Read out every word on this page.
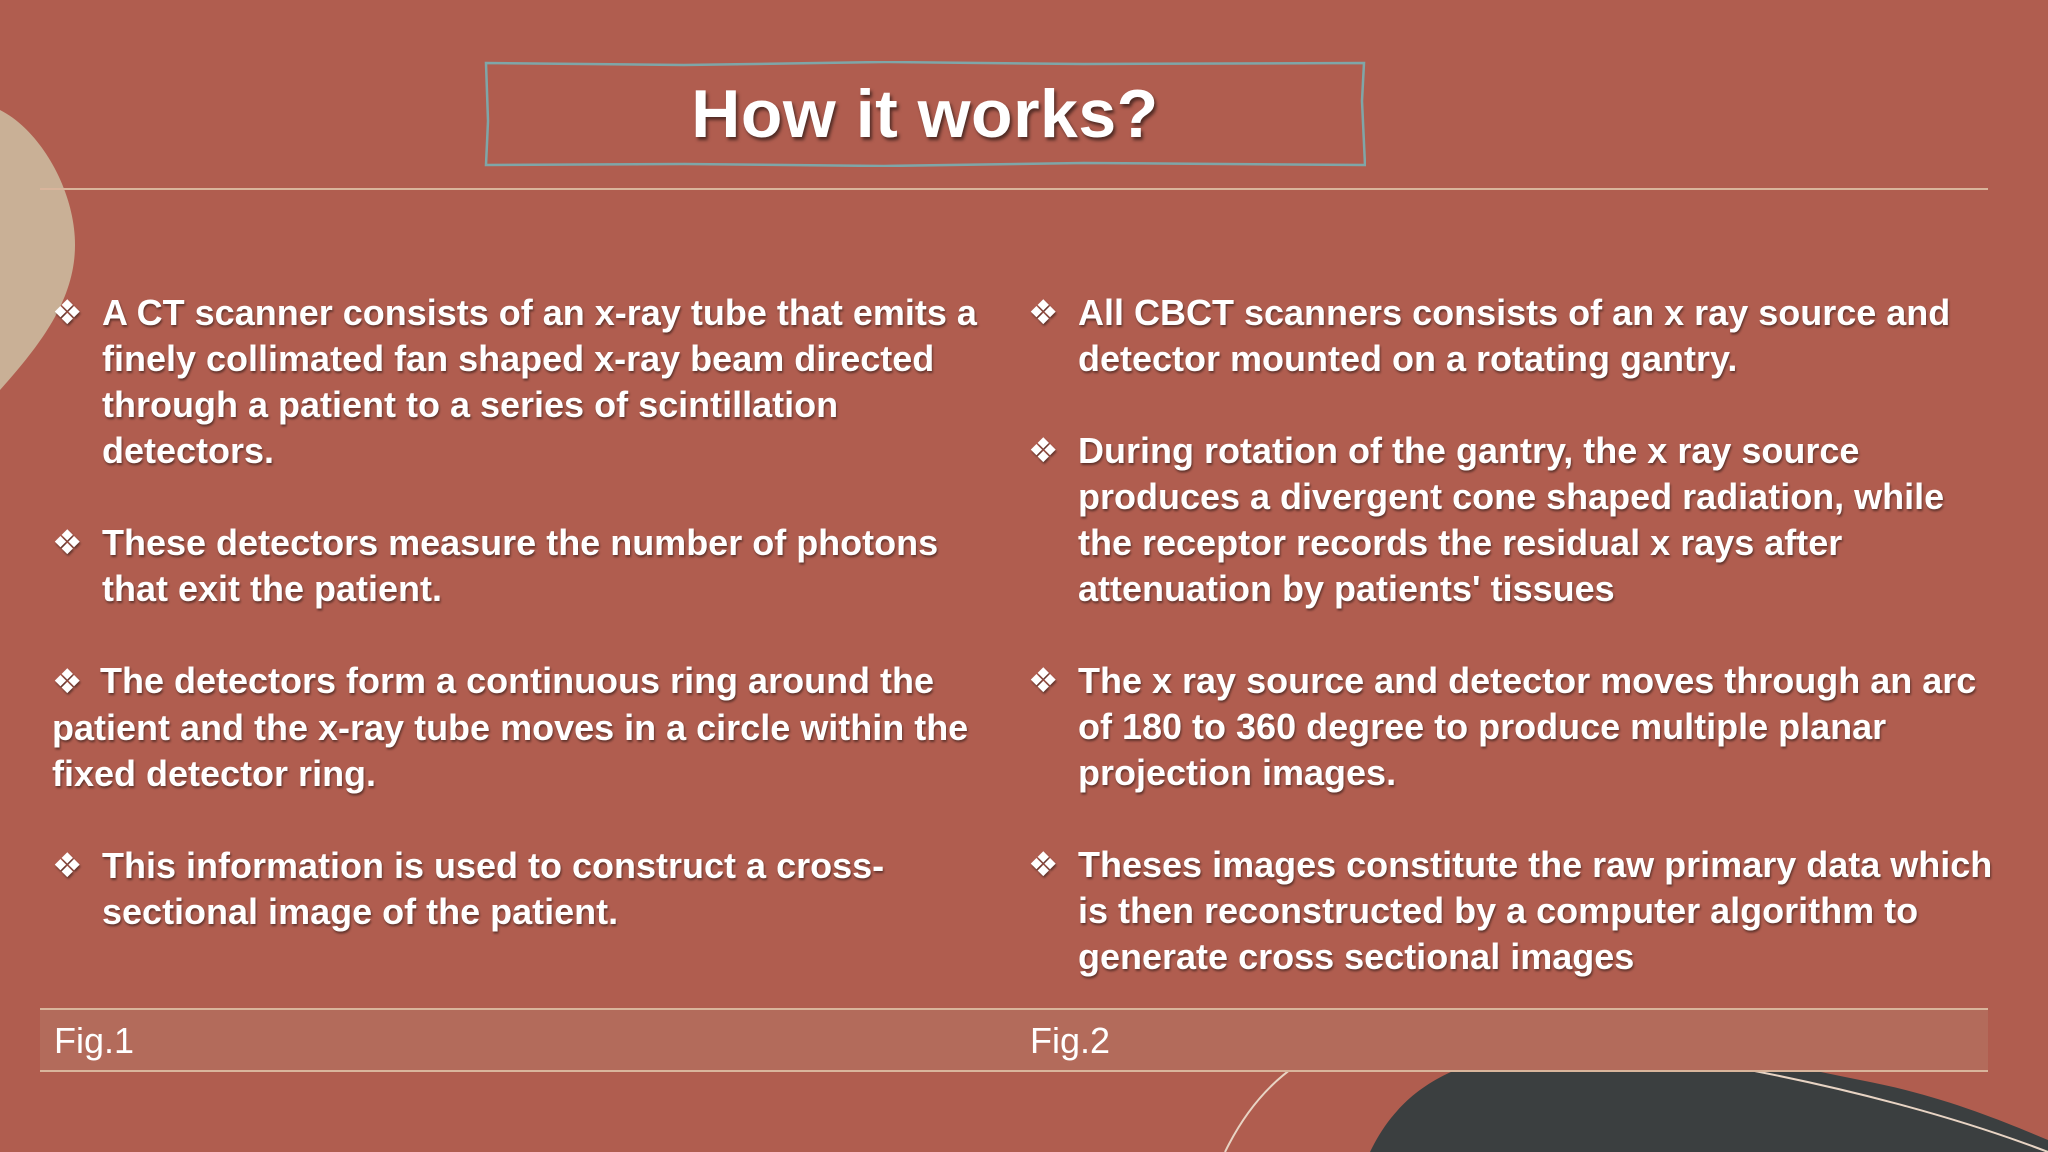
How it works?

❖ A CT scanner consists of an x-ray tube that emits a finely collimated fan shaped x-ray beam directed through a patient to a series of scintillation detectors.

❖ These detectors measure the number of photons that exit the patient.

❖ The detectors form a continuous ring around the patient and the x-ray tube moves in a circle within the fixed detector ring.

❖ This information is used to construct a cross-sectional image of the patient.

❖ All CBCT scanners consists of an x ray source and detector mounted on a rotating gantry.

❖ During rotation of the gantry, the x ray source produces a divergent cone shaped radiation, while the receptor records the residual x rays after attenuation by patients' tissues

❖ The x ray source and detector moves through an arc of 180 to 360 degree to produce multiple planar projection images.

❖ Theses images constitute the raw primary data which is then reconstructed by a computer algorithm to generate cross sectional images

Fig.1	Fig.2
